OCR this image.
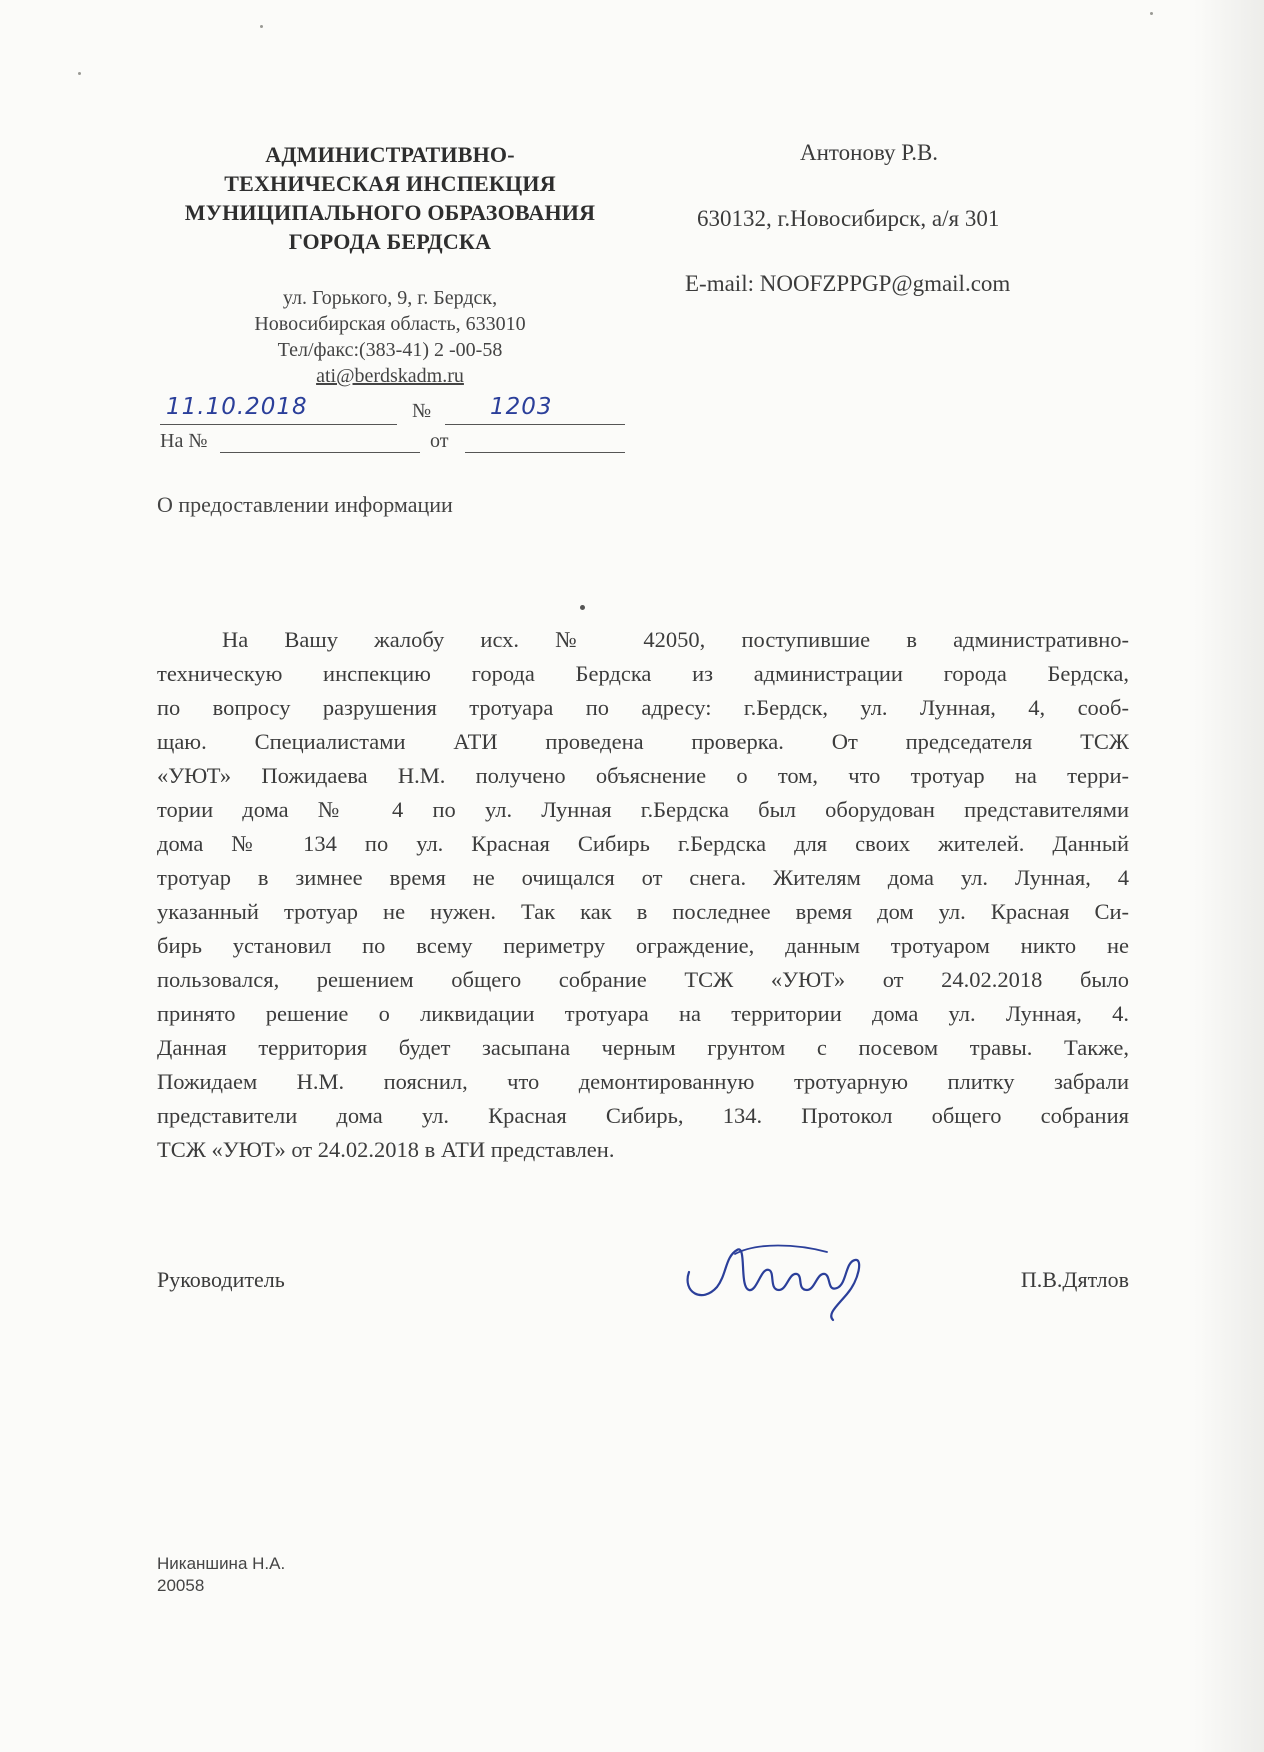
АДМИНИСТРАТИВНО-
ТЕХНИЧЕСКАЯ ИНСПЕКЦИЯ
МУНИЦИПАЛЬНОГО ОБРАЗОВАНИЯ
ГОРОДА БЕРДСКА
ул. Горького, 9, г. Бердск,
Новосибирская область, 633010
Тел/факс:(383-41) 2 -00-58
ati@berdskadm.ru
Антонову Р.В.
630132, г.Новосибирск, а/я 301
E-mail: NOOFZPPGP@gmail.com
11.10.2018	№	1203
На №	от
О предоставлении информации
На Вашу жалобу исх. № 42050, поступившие в административно-
техническую инспекцию города Бердска из администрации города Бердска,
по вопросу разрушения тротуара по адресу: г.Бердск, ул. Лунная, 4, сооб-
щаю. Специалистами АТИ проведена проверка. От председателя ТСЖ
«УЮТ» Пожидаева Н.М. получено объяснение о том, что тротуар на терри-
тории дома № 4 по ул. Лунная г.Бердска был оборудован представителями
дома № 134 по ул. Красная Сибирь г.Бердска для своих жителей. Данный
тротуар в зимнее время не очищался от снега. Жителям дома ул. Лунная, 4
указанный тротуар не нужен. Так как в последнее время дом ул. Красная Си-
бирь установил по всему периметру ограждение, данным тротуаром никто не
пользовался, решением общего собрание ТСЖ «УЮТ» от 24.02.2018 было
принято решение о ликвидации тротуара на территории дома ул. Лунная, 4.
Данная территория будет засыпана черным грунтом с посевом травы. Также,
Пожидаем Н.М. пояснил, что демонтированную тротуарную плитку забрали
представители дома ул. Красная Сибирь, 134. Протокол общего собрания
ТСЖ «УЮТ» от 24.02.2018 в АТИ представлен.
Руководитель	П.В.Дятлов
Никаншина Н.А.
20058
